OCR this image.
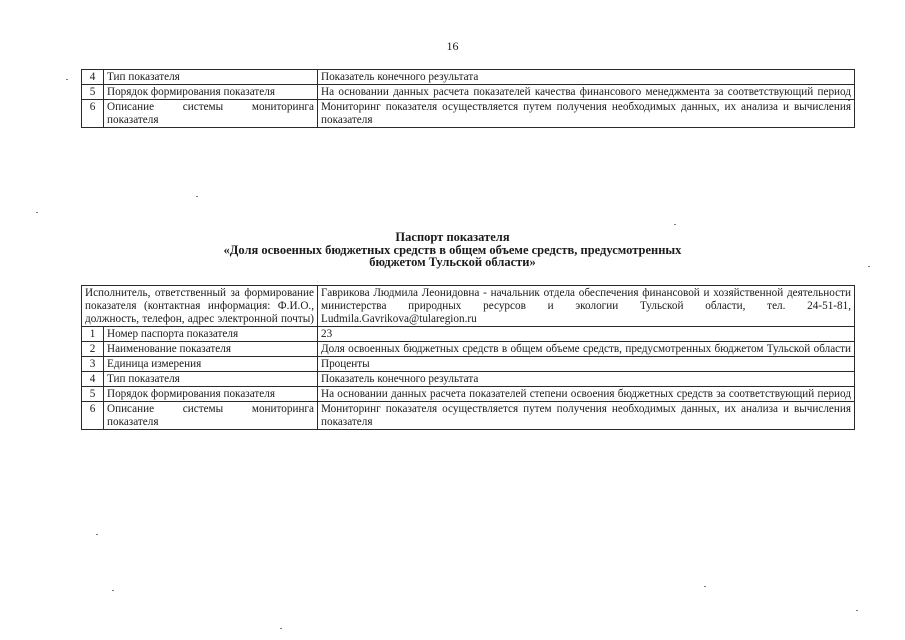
16
4	Тип показателя	Показатель конечного результата
5	Порядок формирования показателя	На основании данных расчета показателей качества финансового менеджмента за соответствующий период
6	Описание системы мониторинга показателя	Мониторинг показателя осуществляется путем получения необходимых данных, их анализа и вычисления показателя
Паспорт показателя
«Доля освоенных бюджетных средств в общем объеме средств, предусмотренных
бюджетом Тульской области»
Исполнитель, ответственный за формирование показателя (контактная информация: Ф.И.О., должность, телефон, адрес электронной почты)		Гаврикова Людмила Леонидовна - начальник отдела обеспечения финансовой и хозяйственной деятельности министерства природных ресурсов и экологии Тульской области, тел. 24-51-81, Ludmila.Gavrikova@tularegion.ru
1	Номер паспорта показателя	23
2	Наименование показателя	Доля освоенных бюджетных средств в общем объеме средств, предусмотренных бюджетом Тульской области
3	Единица измерения	Проценты
4	Тип показателя	Показатель конечного результата
5	Порядок формирования показателя	На основании данных расчета показателей степени освоения бюджетных средств за соответствующий период
6	Описание системы мониторинга показателя	Мониторинг показателя осуществляется путем получения необходимых данных, их анализа и вычисления показателя
